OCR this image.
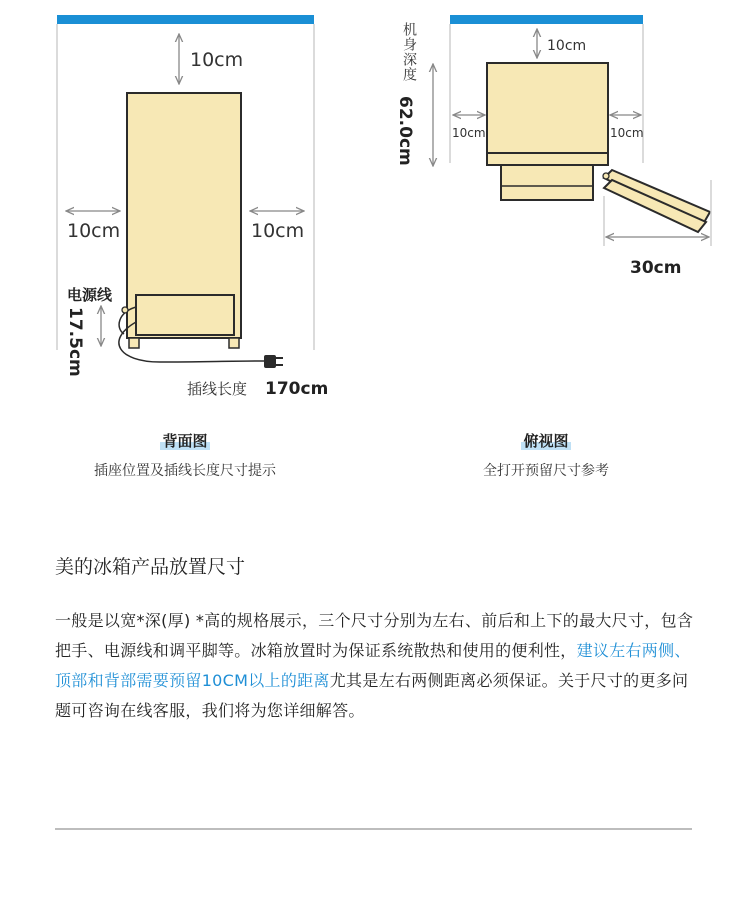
10cm
10cm	10cm
电源线
17.5cm
插线长度 170cm
10cm
机身深度
62.0cm	10cm	10cm
30cm
背面图
插座位置及插线长度尺寸提示
俯视图
全打开预留尺寸参考
美的冰箱产品放置尺寸
一般是以宽*深(厚) *高的规格展示，三个尺寸分别为左右、前后和上下的最大尺寸，包含把手、电源线和调平脚等。冰箱放置时为保证系统散热和使用的便利性，建议左右两侧、顶部和背部需要预留10CM以上的距离尤其是左右两侧距离必须保证。关于尺寸的更多问题可咨询在线客服，我们将为您详细解答。
